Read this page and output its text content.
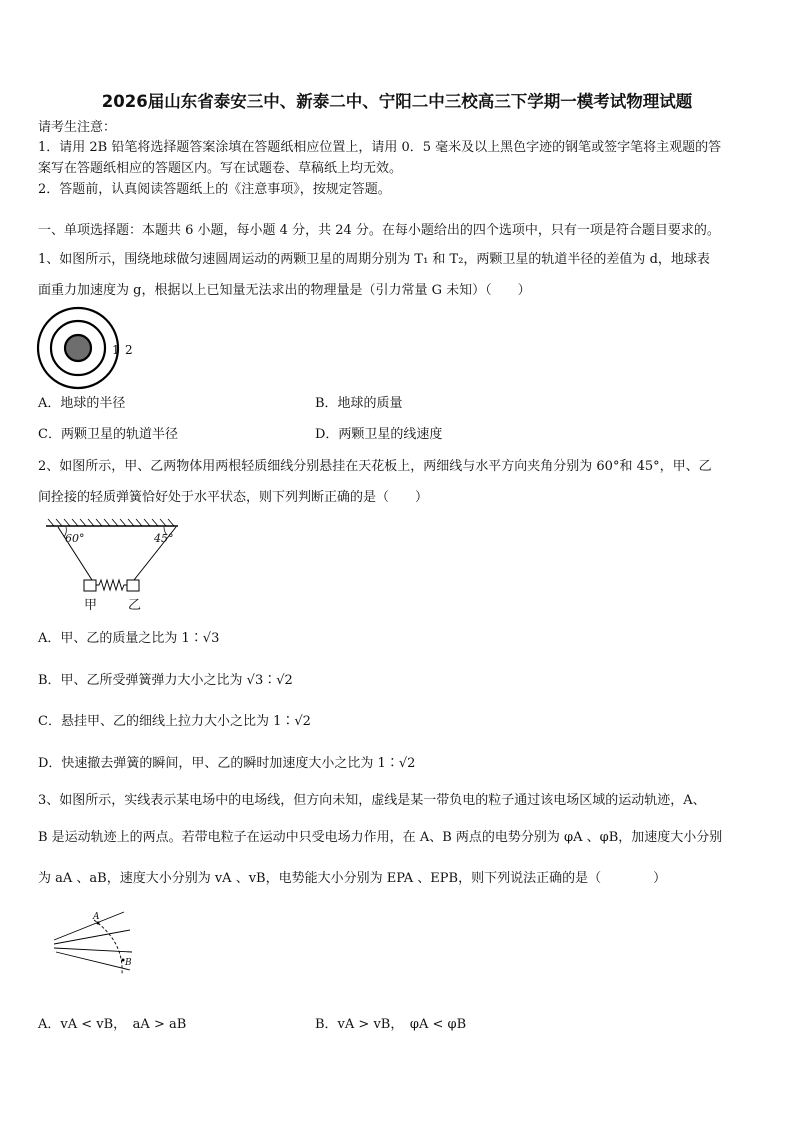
2026届山东省泰安三中、新泰二中、宁阳二中三校高三下学期一模考试物理试题
请考生注意：
1．请用 2B 铅笔将选择题答案涂填在答题纸相应位置上，请用 0．5 毫米及以上黑色字迹的钢笔或签字笔将主观题的答
案写在答题纸相应的答题区内。写在试题卷、草稿纸上均无效。
2．答题前，认真阅读答题纸上的《注意事项》，按规定答题。
一、单项选择题：本题共 6 小题，每小题 4 分，共 24 分。在每小题给出的四个选项中，只有一项是符合题目要求的。
1、如图所示，围绕地球做匀速圆周运动的两颗卫星的周期分别为 T₁ 和 T₂，两颗卫星的轨道半径的差值为 d，地球表
面重力加速度为 g，根据以上已知量无法求出的物理量是（引力常量 G 未知）（　　）
1 2
A．地球的半径	B．地球的质量
C．两颗卫星的轨道半径	D．两颗卫星的线速度
2、如图所示，甲、乙两物体用两根轻质细线分别悬挂在天花板上，两细线与水平方向夹角分别为 60°和 45°，甲、乙
间拴接的轻质弹簧恰好处于水平状态，则下列判断正确的是（　　）
60°	45°
甲 乙
A．甲、乙的质量之比为 1∶√3
B．甲、乙所受弹簧弹力大小之比为 √3∶√2
C．悬挂甲、乙的细线上拉力大小之比为 1∶√2
D．快速撤去弹簧的瞬间，甲、乙的瞬时加速度大小之比为 1∶√2
3、如图所示，实线表示某电场中的电场线，但方向未知，虚线是某一带负电的粒子通过该电场区域的运动轨迹，A、
B 是运动轨迹上的两点。若带电粒子在运动中只受电场力作用，在 A、B 两点的电势分别为 φA 、φB，加速度大小分别
为 aA 、aB，速度大小分别为 vA 、vB，电势能大小分别为 EPA 、EPB，则下列说法正确的是（　　　　）
A
B
A．vA < vB，　aA > aB	B．vA > vB，　φA < φB
